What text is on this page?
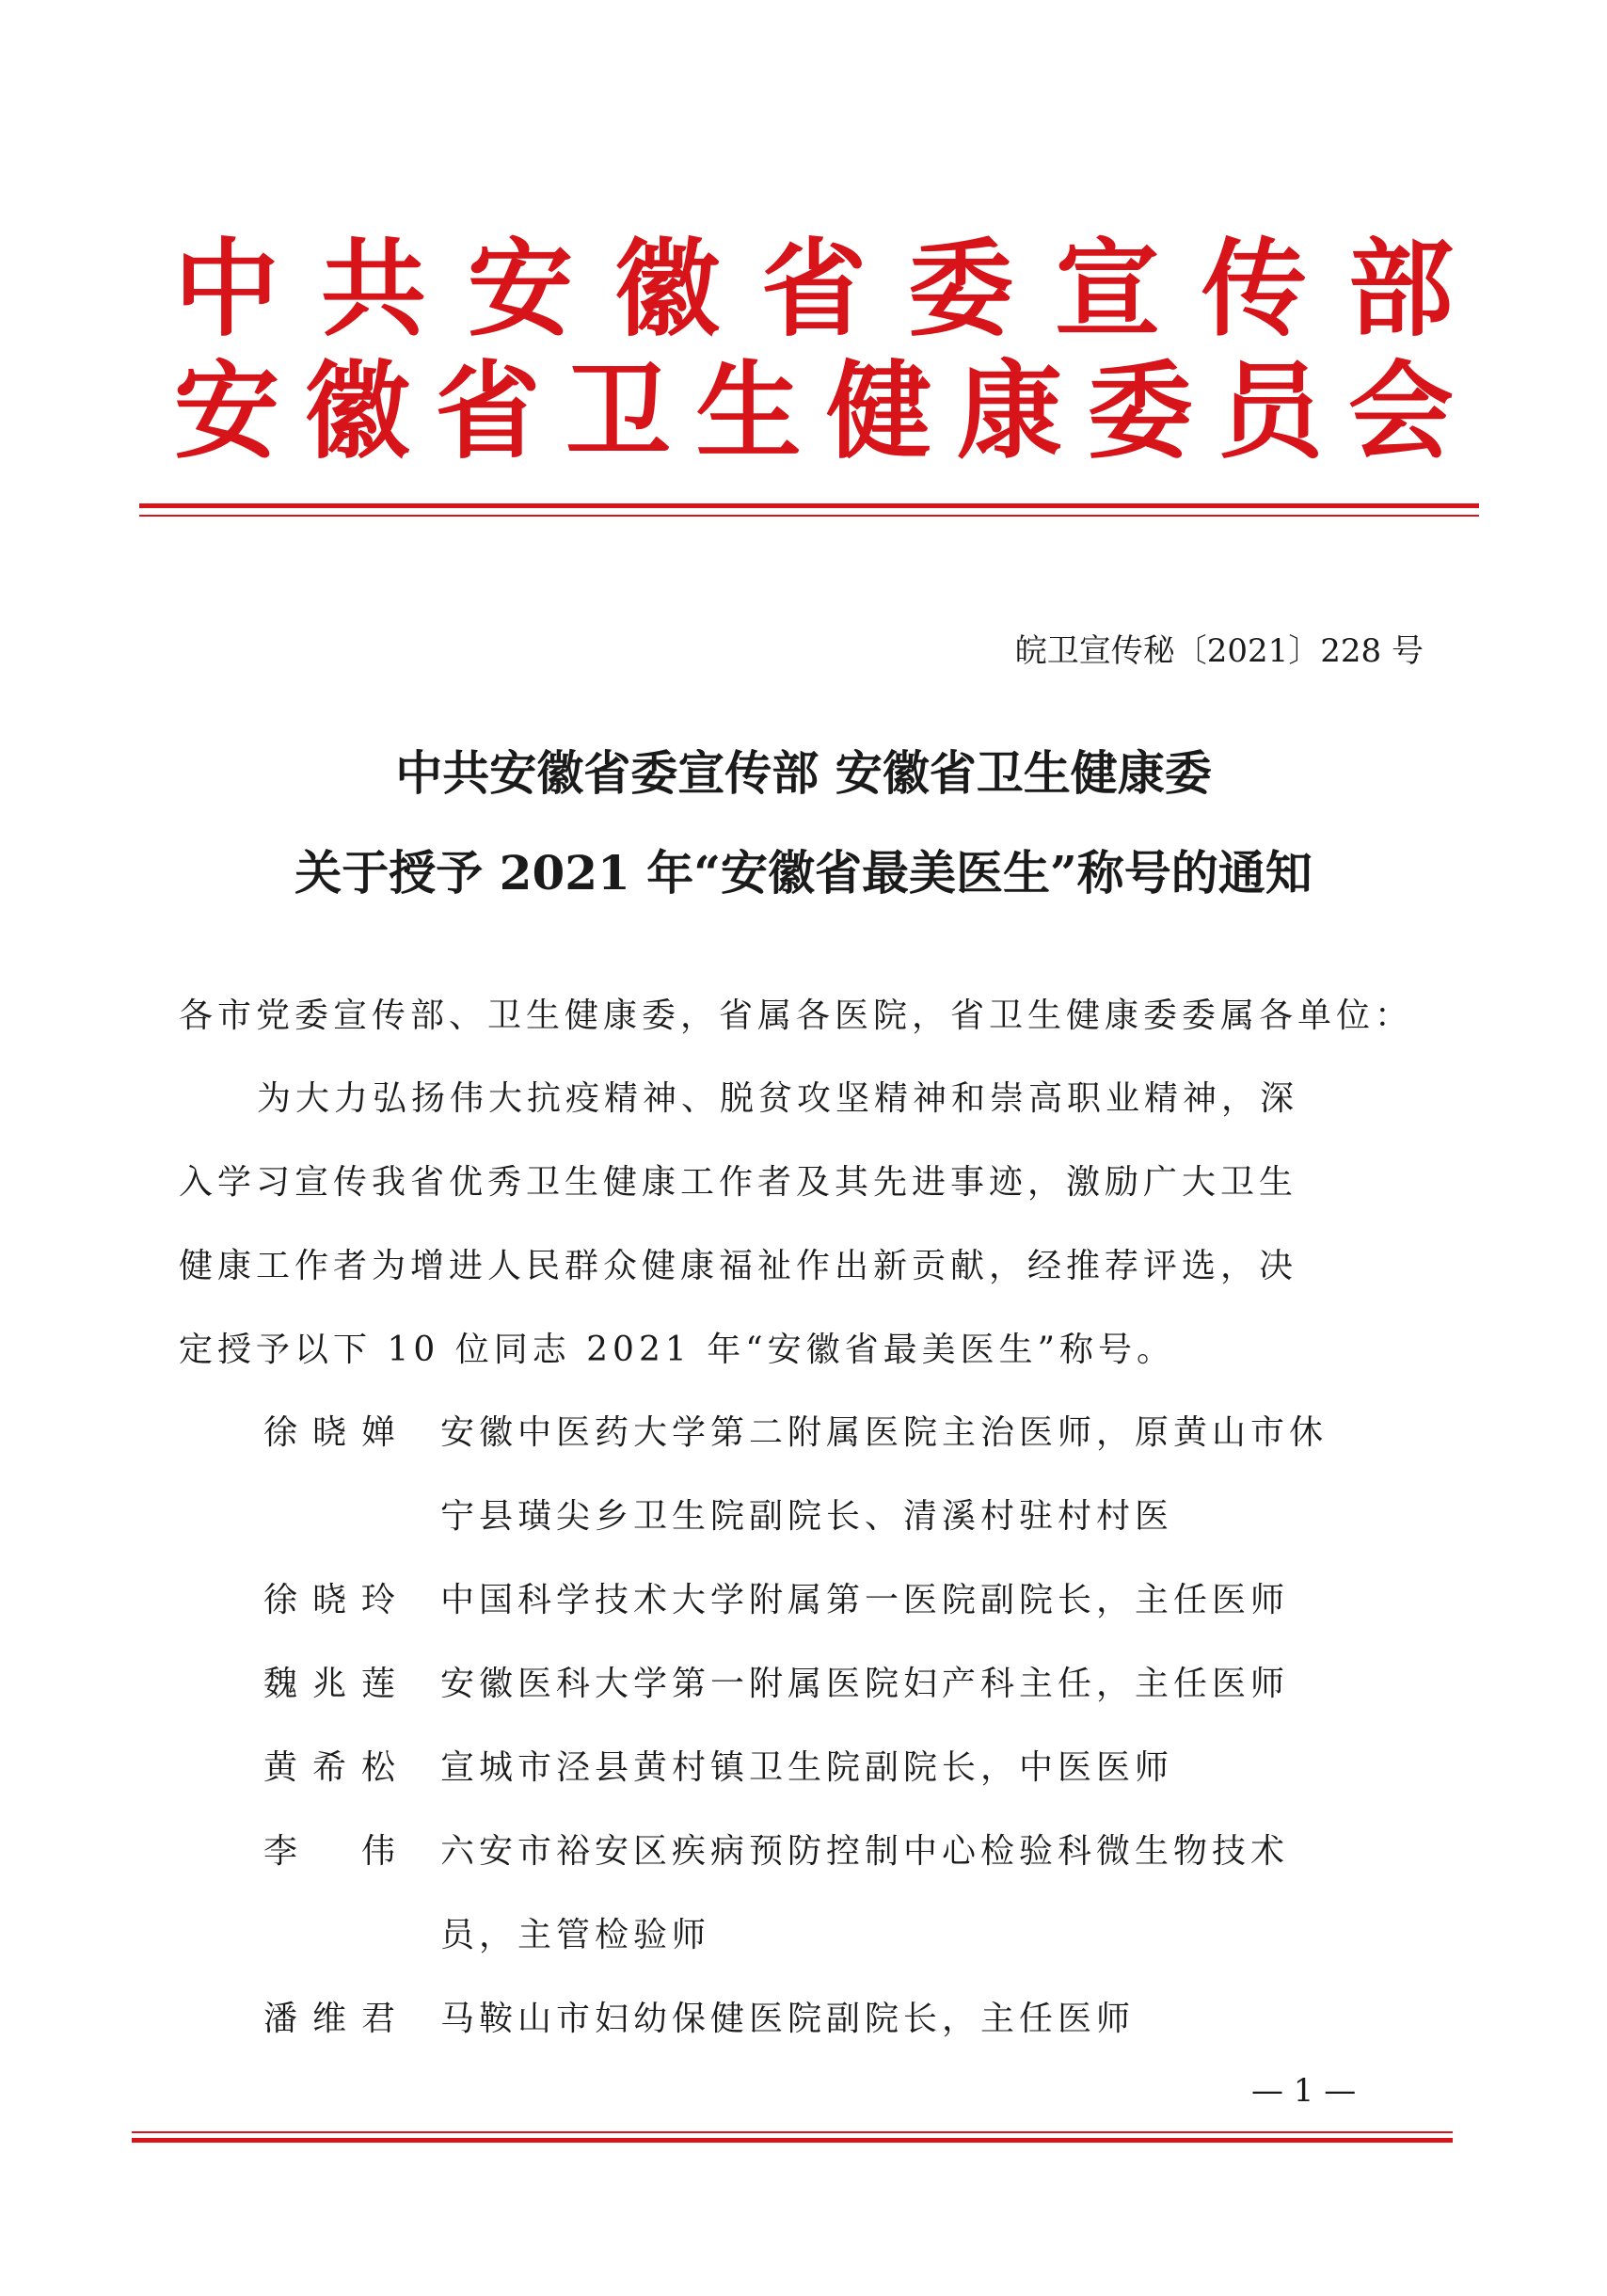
中 共 安 徽 省 委 宣 传 部
安 徽 省 卫 生 健 康 委 员 会
皖卫宣传秘〔2021〕228 号
中共安徽省委宣传部 安徽省卫生健康委
关于授予 2021 年“安徽省最美医生”称号的通知
各市党委宣传部、卫生健康委，省属各医院，省卫生健康委委属各单位：
为大力弘扬伟大抗疫精神、脱贫攻坚精神和崇高职业精神，深
入学习宣传我省优秀卫生健康工作者及其先进事迹，激励广大卫生
健康工作者为增进人民群众健康福祉作出新贡献，经推荐评选，决
定授予以下 10 位同志 2021 年“安徽省最美医生”称号。
徐 晓 婵 安徽中医药大学第二附属医院主治医师，原黄山市休
宁县璜尖乡卫生院副院长、清溪村驻村村医
徐 晓 玲 中国科学技术大学附属第一医院副院长，主任医师
魏 兆 莲 安徽医科大学第一附属医院妇产科主任，主任医师
黄 希 松 宣城市泾县黄村镇卫生院副院长，中医医师
李 伟 六安市裕安区疾病预防控制中心检验科微生物技术
员，主管检验师
潘 维 君 马鞍山市妇幼保健医院副院长，主任医师
— 1 —
